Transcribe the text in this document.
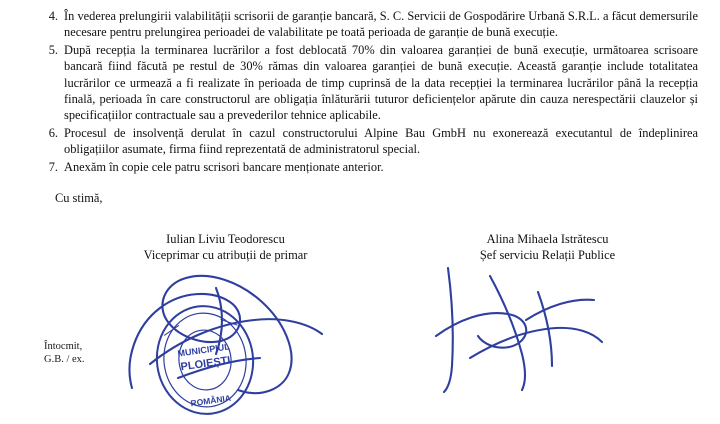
4. În vederea prelungirii valabilității scrisorii de garanție bancară, S. C. Servicii de Gospodărire Urbană S.R.L. a făcut demersurile necesare pentru prelungirea perioadei de valabilitate pe toată perioada de garanție de bună execuție.
5. După recepția la terminarea lucrărilor a fost deblocată 70% din valoarea garanției de bună execuție, următoarea scrisoare bancară fiind făcută pe restul de 30% rămas din valoarea garanției de bună execuție. Această garanție include totalitatea lucrărilor ce urmează a fi realizate în perioada de timp cuprinsă de la data recepției la terminarea lucrărilor până la recepția finală, perioada în care constructorul are obligația înlăturării tuturor deficiențelor apărute din cauza nerespectării clauzelor și specificațiilor contractuale sau a prevederilor tehnice aplicabile.
6. Procesul de insolvență derulat în cazul constructorului Alpine Bau GmbH nu exonerează executantul de îndeplinirea obligațiilor asumate, firma fiind reprezentată de administratorul special.
7. Anexăm în copie cele patru scrisori bancare menționate anterior.
Cu stimă,
Iulian Liviu Teodorescu
Viceprimar cu atribuții de primar
Alina Mihaela Istrătescu
Șef serviciu Relații Publice
Întocmit,
G.B. / ex.
MUNICIPIUL
PLOIEȘTI
ROMÂNIA
